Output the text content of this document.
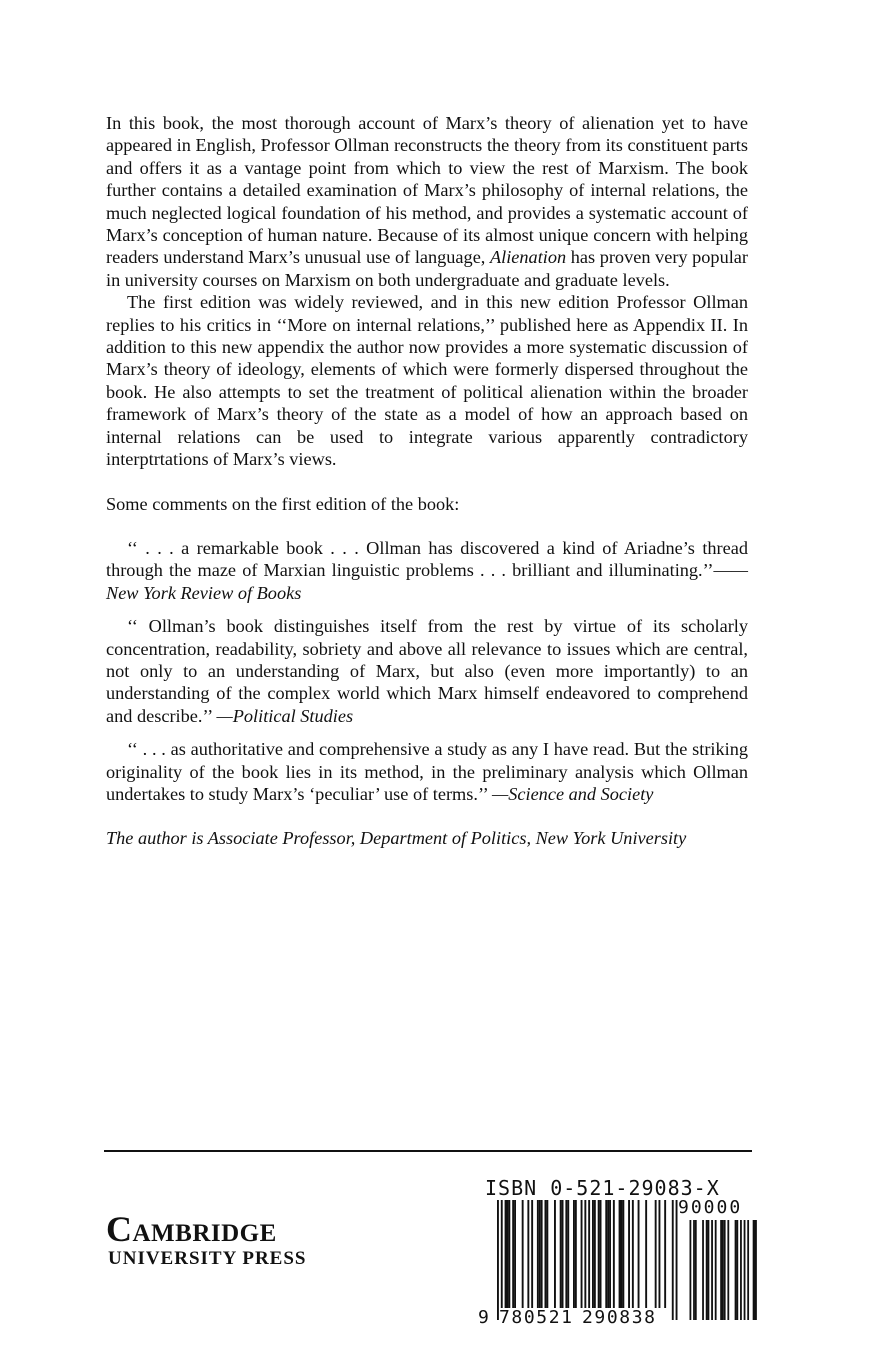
In this book, the most thorough account of Marx’s theory of alienation yet to have appeared in English, Professor Ollman reconstructs the theory from its constituent parts and offers it as a vantage point from which to view the rest of Marxism. The book further contains a detailed examination of Marx’s philosophy of internal relations, the much neglected logical foundation of his method, and provides a systematic account of Marx’s conception of human nature. Because of its almost unique concern with helping readers understand Marx’s unusual use of language, Alienation has proven very popular in university courses on Marxism on both undergraduate and graduate levels.

The first edition was widely reviewed, and in this new edition Professor Ollman replies to his critics in ‘‘More on internal relations,’’ published here as Appendix II. In addition to this new appendix the author now provides a more systematic discussion of Marx’s theory of ideology, elements of which were formerly dispersed throughout the book. He also attempts to set the treatment of political alienation within the broader framework of Marx’s theory of the state as a model of how an approach based on internal relations can be used to integrate various apparently contradictory interptrtations of Marx’s views.

Some comments on the first edition of the book:

‘‘ . . . a remarkable book . . . Ollman has discovered a kind of Ariadne’s thread through the maze of Marxian linguistic problems . . . brilliant and illuminating.’’——New York Review of Books

‘‘ Ollman’s book distinguishes itself from the rest by virtue of its scholarly concentration, readability, sobriety and above all relevance to issues which are central, not only to an understanding of Marx, but also (even more importantly) to an understanding of the complex world which Marx himself endeavored to comprehend and describe.’’ —Political Studies

‘‘ . . . as authoritative and comprehensive a study as any I have read. But the striking originality of the book lies in its method, in the preliminary analysis which Ollman undertakes to study Marx’s ‘peculiar’ use of terms.’’ —Science and Society

The author is Associate Professor, Department of Politics, New York University

Cambridge
UNIVERSITY PRESS
ISBN 0-521-29083-X
90000
9 780521 290838
